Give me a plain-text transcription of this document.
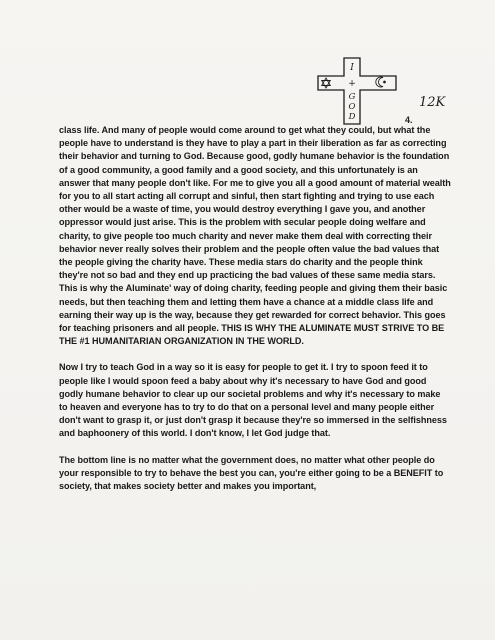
I
+
G
O
D
12K
4.

class life. And many of people would come around to get what they could, but what the people have to understand is they have to play a part in their liberation as far as correcting their behavior and turning to God. Because good, godly humane behavior is the foundation of a good community, a good family and a good society, and this unfortunately is an answer that many people don't like. For me to give you all a good amount of material wealth for you to all start acting all corrupt and sinful, then start fighting and trying to use each other would be a waste of time, you would destroy everything I gave you, and another oppressor would just arise. This is the problem with secular people doing welfare and charity, to give people too much charity and never make them deal with correcting their behavior never really solves their problem and the people often value the bad values that the people giving the charity have. These media stars do charity and the people think they're not so bad and they end up practicing the bad values of these same media stars. This is why the Aluminate' way of doing charity, feeding people and giving them their basic needs, but then teaching them and letting them have a chance at a middle class life and earning their way up is the way, because they get rewarded for correct behavior. This goes for teaching prisoners and all people. THIS IS WHY THE ALUMINATE MUST STRIVE TO BE THE #1 HUMANITARIAN ORGANIZATION IN THE WORLD.

Now I try to teach God in a way so it is easy for people to get it. I try to spoon feed it to people like I would spoon feed a baby about why it's necessary to have God and good godly humane behavior to clear up our societal problems and why it's necessary to make to heaven and everyone has to try to do that on a personal level and many people either don't want to grasp it, or just don't grasp it because they're so immersed in the selfishness and baphoonery of this world. I don't know, I let God judge that.

The bottom line is no matter what the government does, no matter what other people do your responsible to try to behave the best you can, you're either going to be a BENEFIT to society, that makes society better and makes you important,
